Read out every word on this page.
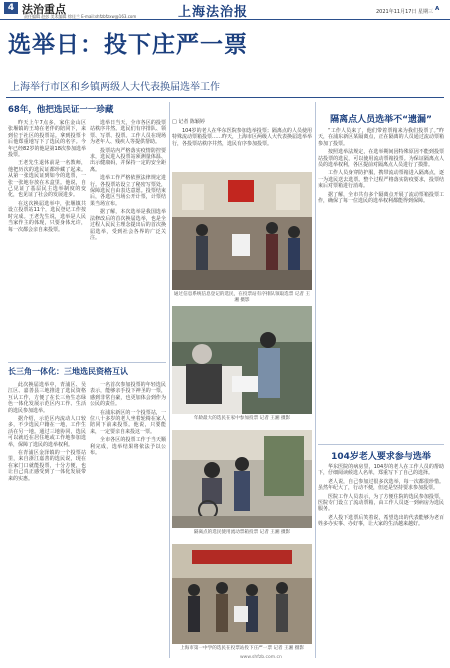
4 法治重点
责任编辑 赵彭 美术编辑 徐佳兰 E-mail:shfzbfzxw@163.com	上海法治报	2021年11月17日 星期三 A
选举日：投下庄严一票
上海举行市区和乡镇两级人大代表换届选举工作
68年，他把选民证一一珍藏

昨天上午7点多，家住金山区张堰镇的王琦在老伴的陪同下，来到位于社区的投票站。拿到投票卡后他郑重地写下了选民的名字。今年已经82岁的他是第18次参加选举投票。

王老先生退休前是一名教师，他把历次的选民证都珍藏了起来。从第一张选民证到如今的选票，一张一张地存放在木盒里。他说，自己见证了基层民主选举制度的变化，也见证了社会的发展进步。

在这次换届选举中，张堰镇共设立投票站11个，选民登记工作按时完成。王老先生说，选举是人民当家作主的体现，只要身体允许，每一次都会亲自来投票。

选举日当天，全市各区的投票站秩序井然。选民们有序排队、领票、写票、投票。工作人员在现场为老年人、残疾人等提供帮助。

投票站内严格落实疫情防控要求，选民进入投票站须测量体温、出示健康码，并保持一定的安全距离。

选举工作严格依照法律规定进行。各投票站设立了秘密写票处，保障选民自由表达意愿。投票结束后，各选区当场公开计票，计票结果当场宣布。

据了解，本次选举是我国选举法修改后的首次换届选举，也是全过程人民民主理念提出后的首次换届选举，受到社会各界的广泛关注。

长三角一体化：三地选民资格互认

此次换届选举中，青浦区、吴江区、嘉善县三地推进了选民资格互认工作，方便了在长三角生态绿色一体化发展示范区内工作、生活的选民参加选举。

据介绍，示范区内流动人口较多，不少选民户籍在一地，工作生活在另一地。通过三地协同，选民可以就近在居住地或工作地参加选举，保障了选民的选举权利。

在青浦区金泽镇的一个投票站里，来自浙江嘉善的选民说，现在在家门口就能投票，十分方便，也让自己真正感受到了一体化发展带来的实惠。

一名首次参加投票的年轻选民表示，能够亲手投下神圣的一票，感到非常自豪，也更加体会到作为公民的责任。

在浦东新区的一个投票站，一位八十多岁的老人坐着轮椅在家人陪同下前来投票。他说，只要能来，一定要亲自来投这一票。

全市各区的投票工作于当天顺利完成，选举结果将依法予以公布。

□ 记者 陈颖婷
104岁的老人在华东医院参加选举投票；隔离点的人员使用特殊流动票箱投票……昨天，上海市区两级人大代表换届选举举行，各投票站秩序井然，选民有序参加投票。
通过信息系统信息登记的选民，在投票站有序排队领取选票 记者 王湘 摄影
年龄最大的选民在家中参加投票 记者 王湘 摄影
隔离点的选民使用流动票箱投票 记者 王湘 摄影
上海市第一中学的选民在投票站投下庄严一票 记者 王湘 摄影
隔离点人员选举不“遗漏”

“工作人员来了，他们带着票箱来为我们投票了。”昨天，在浦东新区某隔离点，正在隔离的人员通过流动票箱参加了投票。

按照选举法规定，在选举期间因特殊原因不能到投票站投票的选民，可以使用流动票箱投票。为保证隔离点人员的选举权利，各区提前对隔离点人员进行了摸排。

工作人员身穿防护服，携带流动票箱进入隔离点，逐一为选民送去选票。整个过程严格落实防疫要求，投票结束后对票箱进行消毒。

据了解，全市共有多个隔离点开展了流动票箱投票工作，确保了每一位选民的选举权利都能得到保障。

104岁老人要求参与选举

华东医院的病房里，104岁的老人在工作人员的帮助下，仔细阅读候选人名单，郑重写下了自己的选择。

老人说，自己参加过很多次选举，每一次都很珍惜。虽然年纪大了，行动不便，但还是坚持要求参加投票。

医院工作人员表示，为了方便住院的选民参加投票，医院专门设立了流动票箱，由工作人员逐一到病房为选民服务。

老人投下选票后笑着说，希望选出的代表能够为老百姓多办实事、办好事，让大家的生活越来越好。

www.shfzb.com.cn
